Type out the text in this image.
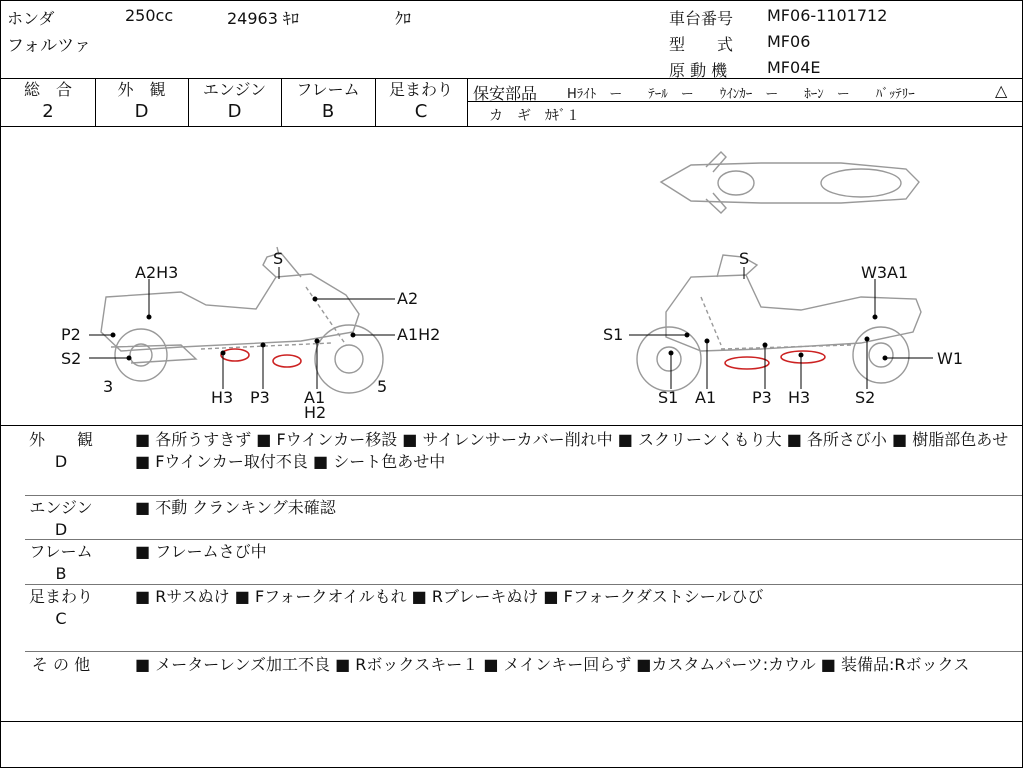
ホンダ	250cc	24963 ｷﾛ	ｸﾛ
フォルツァ
車台番号 MF06-1101712
型　　式 MF06
原 動 機 MF04E
総　合
2
外　観
D
エンジン
D
フレーム
B
足まわり
C
保安部品 Hﾗｲﾄ　ー　　ﾃｰﾙ　ー　　ｳｲﾝｶｰ　ー　　ﾎｰﾝ　ー　　ﾊﾞｯﾃﾘｰ	△
カ　ギ　ｶｷﾞ１
S
A2H3
A2
P2	A1H2
S2
3	5
H3 P3 A1
H2
S
W3A1
S1
W1
S1 A1 P3 H3	S2
外　　観
D
■ 各所うすきず ■ Fウインカー移設 ■ サイレンサーカバー削れ中 ■ スクリーンくもり大 ■ 各所さび小 ■ 樹脂部色あせ ■ Fウインカー取付不良 ■ シート色あせ中
エンジン
D
■ 不動 クランキング未確認
フレーム
B
■ フレームさび中
足まわり
C
■ Rサスぬけ ■ Fフォークオイルもれ ■ Rブレーキぬけ ■ Fフォークダストシールひび
そ の 他	■ メーターレンズ加工不良 ■ Rボックスキー１ ■ メインキー回らず ■カスタムパーツ:カウル ■ 装備品:Rボックス
